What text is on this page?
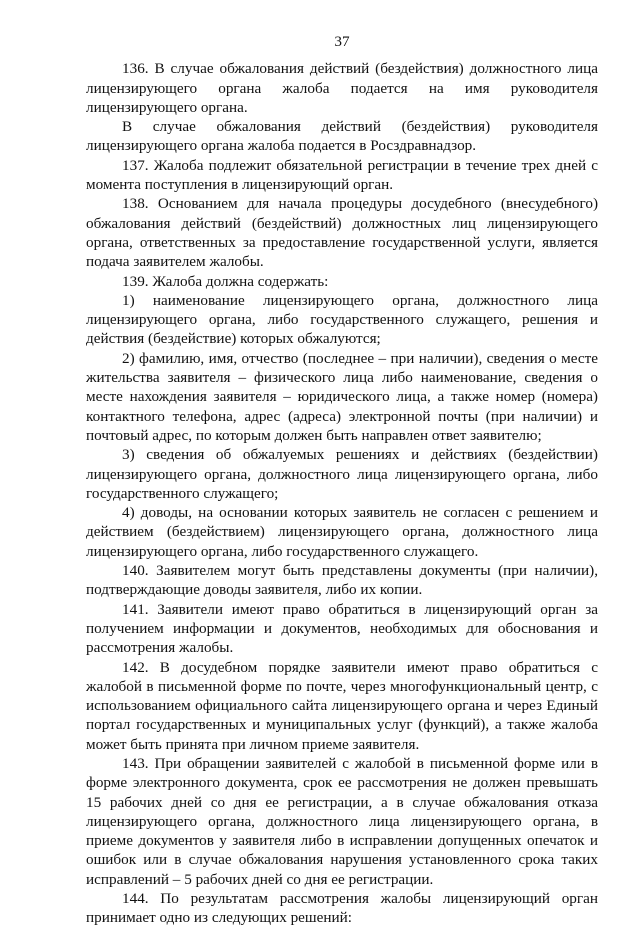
37

136. В случае обжалования действий (бездействия) должностного лица лицензирующего органа жалоба подается на имя руководителя лицензирующего органа.

В случае обжалования действий (бездействия) руководителя лицензирующего органа жалоба подается в Росздравнадзор.

137. Жалоба подлежит обязательной регистрации в течение трех дней с момента поступления в лицензирующий орган.

138. Основанием для начала процедуры досудебного (внесудебного) обжалования действий (бездействий) должностных лиц лицензирующего органа, ответственных за предоставление государственной услуги, является подача заявителем жалобы.

139. Жалоба должна содержать:

1) наименование лицензирующего органа, должностного лица лицензирующего органа, либо государственного служащего, решения и действия (бездействие) которых обжалуются;

2) фамилию, имя, отчество (последнее – при наличии), сведения о месте жительства заявителя – физического лица либо наименование, сведения о месте нахождения заявителя – юридического лица, а также номер (номера) контактного телефона, адрес (адреса) электронной почты (при наличии) и почтовый адрес, по которым должен быть направлен ответ заявителю;

3) сведения об обжалуемых решениях и действиях (бездействии) лицензирующего органа, должностного лица лицензирующего органа, либо государственного служащего;

4) доводы, на основании которых заявитель не согласен с решением и действием (бездействием) лицензирующего органа, должностного лица лицензирующего органа, либо государственного служащего.

140. Заявителем могут быть представлены документы (при наличии), подтверждающие доводы заявителя, либо их копии.

141. Заявители имеют право обратиться в лицензирующий орган за получением информации и документов, необходимых для обоснования и рассмотрения жалобы.

142. В досудебном порядке заявители имеют право обратиться с жалобой в письменной форме по почте, через многофункциональный центр, с использованием официального сайта лицензирующего органа и через Единый портал государственных и муниципальных услуг (функций), а также жалоба может быть принята при личном приеме заявителя.

143. При обращении заявителей с жалобой в письменной форме или в форме электронного документа, срок ее рассмотрения не должен превышать 15 рабочих дней со дня ее регистрации, а в случае обжалования отказа лицензирующего органа, должностного лица лицензирующего органа, в приеме документов у заявителя либо в исправлении допущенных опечаток и ошибок или в случае обжалования нарушения установленного срока таких исправлений – 5 рабочих дней со дня ее регистрации.

144. По результатам рассмотрения жалобы лицензирующий орган принимает одно из следующих решений:
